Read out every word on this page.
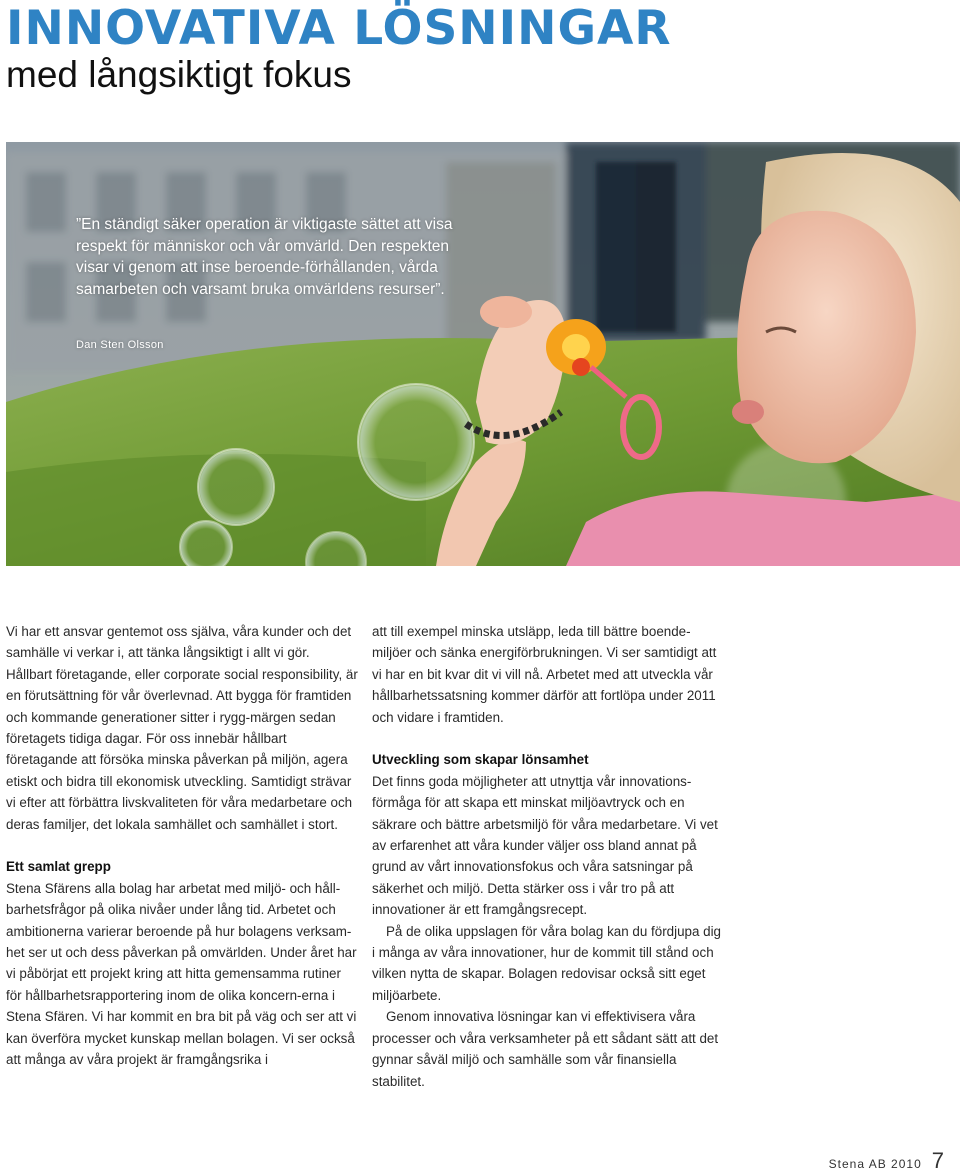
INNOVATIVA LÖSNINGAR
med långsiktigt fokus

”En ständigt säker operation är viktigaste sättet att visa respekt för människor och vår omvärld. Den respekten visar vi genom att inse beroende-förhållanden, vårda samarbeten och varsamt bruka omvärldens resurser”.

Dan Sten Olsson

Vi har ett ansvar gentemot oss själva, våra kunder och det samhälle vi verkar i, att tänka långsiktigt i allt vi gör. Hållbart företagande, eller corporate social responsibility, är en förutsättning för vår överlevnad. Att bygga för framtiden och kommande generationer sitter i rygg-märgen sedan företagets tidiga dagar. För oss innebär hållbart företagande att försöka minska påverkan på miljön, agera etiskt och bidra till ekonomisk utveckling. Samtidigt strävar vi efter att förbättra livskvaliteten för våra medarbetare och deras familjer, det lokala samhället och samhället i stort.

Ett samlat grepp

Stena Sfärens alla bolag har arbetat med miljö- och håll-barhetsfrågor på olika nivåer under lång tid. Arbetet och ambitionerna varierar beroende på hur bolagens verksam-het ser ut och dess påverkan på omvärlden. Under året har vi påbörjat ett projekt kring att hitta gemensamma rutiner för hållbarhetsrapportering inom de olika koncern-erna i Stena Sfären. Vi har kommit en bra bit på väg och ser att vi kan överföra mycket kunskap mellan bolagen. Vi ser också att många av våra projekt är framgångsrika i

att till exempel minska utsläpp, leda till bättre boende-miljöer och sänka energiförbrukningen. Vi ser samtidigt att vi har en bit kvar dit vi vill nå. Arbetet med att utveckla vår hållbarhetssatsning kommer därför att fortlöpa under 2011 och vidare i framtiden.

Utveckling som skapar lönsamhet

Det finns goda möjligheter att utnyttja vår innovations-förmåga för att skapa ett minskat miljöavtryck och en säkrare och bättre arbetsmiljö för våra medarbetare. Vi vet av erfarenhet att våra kunder väljer oss bland annat på grund av vårt innovationsfokus och våra satsningar på säkerhet och miljö. Detta stärker oss i vår tro på att innovationer är ett framgångsrecept.

På de olika uppslagen för våra bolag kan du fördjupa dig i många av våra innovationer, hur de kommit till stånd och vilken nytta de skapar. Bolagen redovisar också sitt eget miljöarbete.

Genom innovativa lösningar kan vi effektivisera våra processer och våra verksamheter på ett sådant sätt att det gynnar såväl miljö och samhälle som vår finansiella stabilitet.

Stena AB 2010 7
